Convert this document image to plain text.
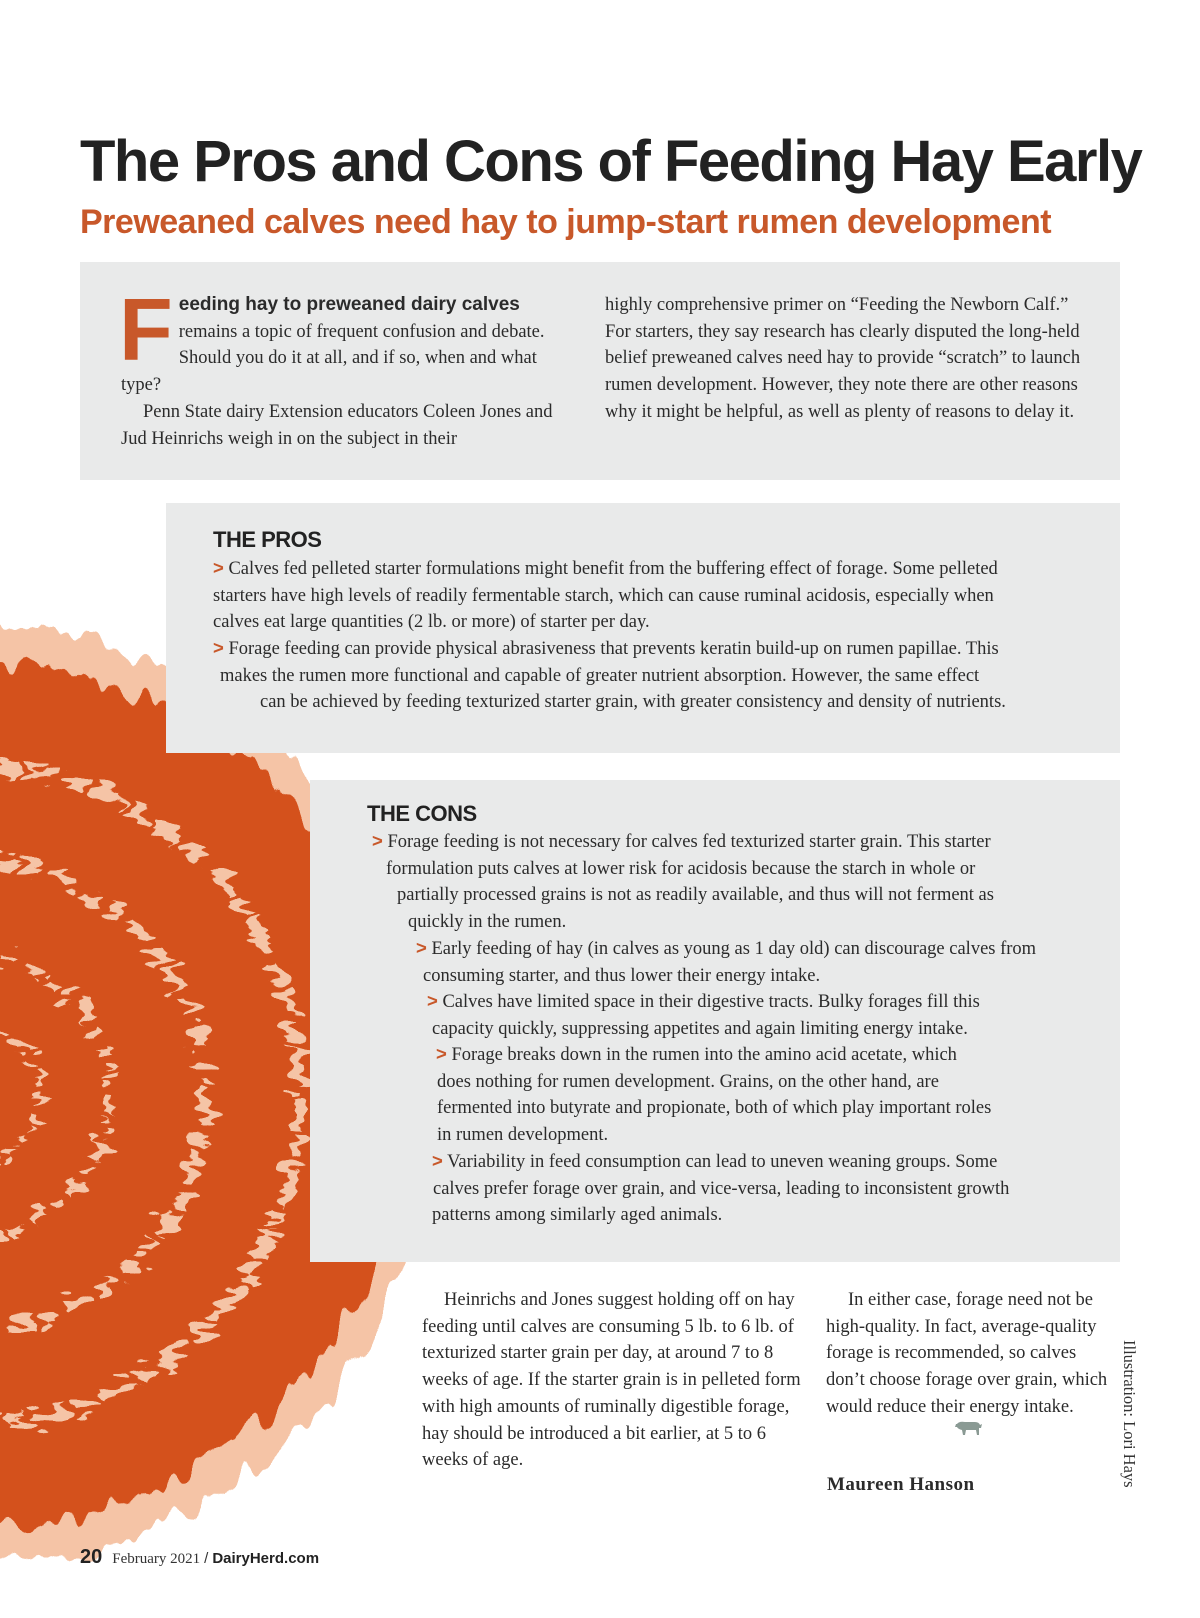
The Pros and Cons of Feeding Hay Early
Preweaned calves need hay to jump-start rumen development

Feeding hay to preweaned dairy calves remains a topic of frequent confusion and debate. Should you do it at all, and if so, when and what type?

Penn State dairy Extension educators Coleen Jones and Jud Heinrichs weigh in on the subject in their

highly comprehensive primer on “Feeding the Newborn Calf.” For starters, they say research has clearly disputed the long-held belief preweaned calves need hay to provide “scratch” to launch rumen development. However, they note there are other reasons why it might be helpful, as well as plenty of reasons to delay it.

THE PROS
> Calves fed pelleted starter formulations might benefit from the buffering effect of forage. Some pelleted
starters have high levels of readily fermentable starch, which can cause ruminal acidosis, especially when
calves eat large quantities (2 lb. or more) of starter per day.
> Forage feeding can provide physical abrasiveness that prevents keratin build-up on rumen papillae. This
makes the rumen more functional and capable of greater nutrient absorption. However, the same effect
can be achieved by feeding texturized starter grain, with greater consistency and density of nutrients.
THE CONS
> Forage feeding is not necessary for calves fed texturized starter grain. This starter
formulation puts calves at lower risk for acidosis because the starch in whole or
partially processed grains is not as readily available, and thus will not ferment as
quickly in the rumen.
> Early feeding of hay (in calves as young as 1 day old) can discourage calves from
consuming starter, and thus lower their energy intake.
> Calves have limited space in their digestive tracts. Bulky forages fill this
capacity quickly, suppressing appetites and again limiting energy intake.
> Forage breaks down in the rumen into the amino acid acetate, which
does nothing for rumen development. Grains, on the other hand, are
fermented into butyrate and propionate, both of which play important roles
in rumen development.
> Variability in feed consumption can lead to uneven weaning groups. Some
calves prefer forage over grain, and vice-versa, leading to inconsistent growth
patterns among similarly aged animals.

Heinrichs and Jones suggest holding off on hay feeding until calves are consuming 5 lb. to 6 lb. of texturized starter grain per day, at around 7 to 8 weeks of age. If the starter grain is in pelleted form with high amounts of ruminally digestible forage, hay should be introduced a bit earlier, at 5 to 6 weeks of age.

In either case, forage need not be high-quality. In fact, average-quality forage is recommended, so calves don’t choose forage over grain, which would reduce their energy intake.

Maureen Hanson	Illustration: Lori Hays

20 February 2021 / DairyHerd.com
